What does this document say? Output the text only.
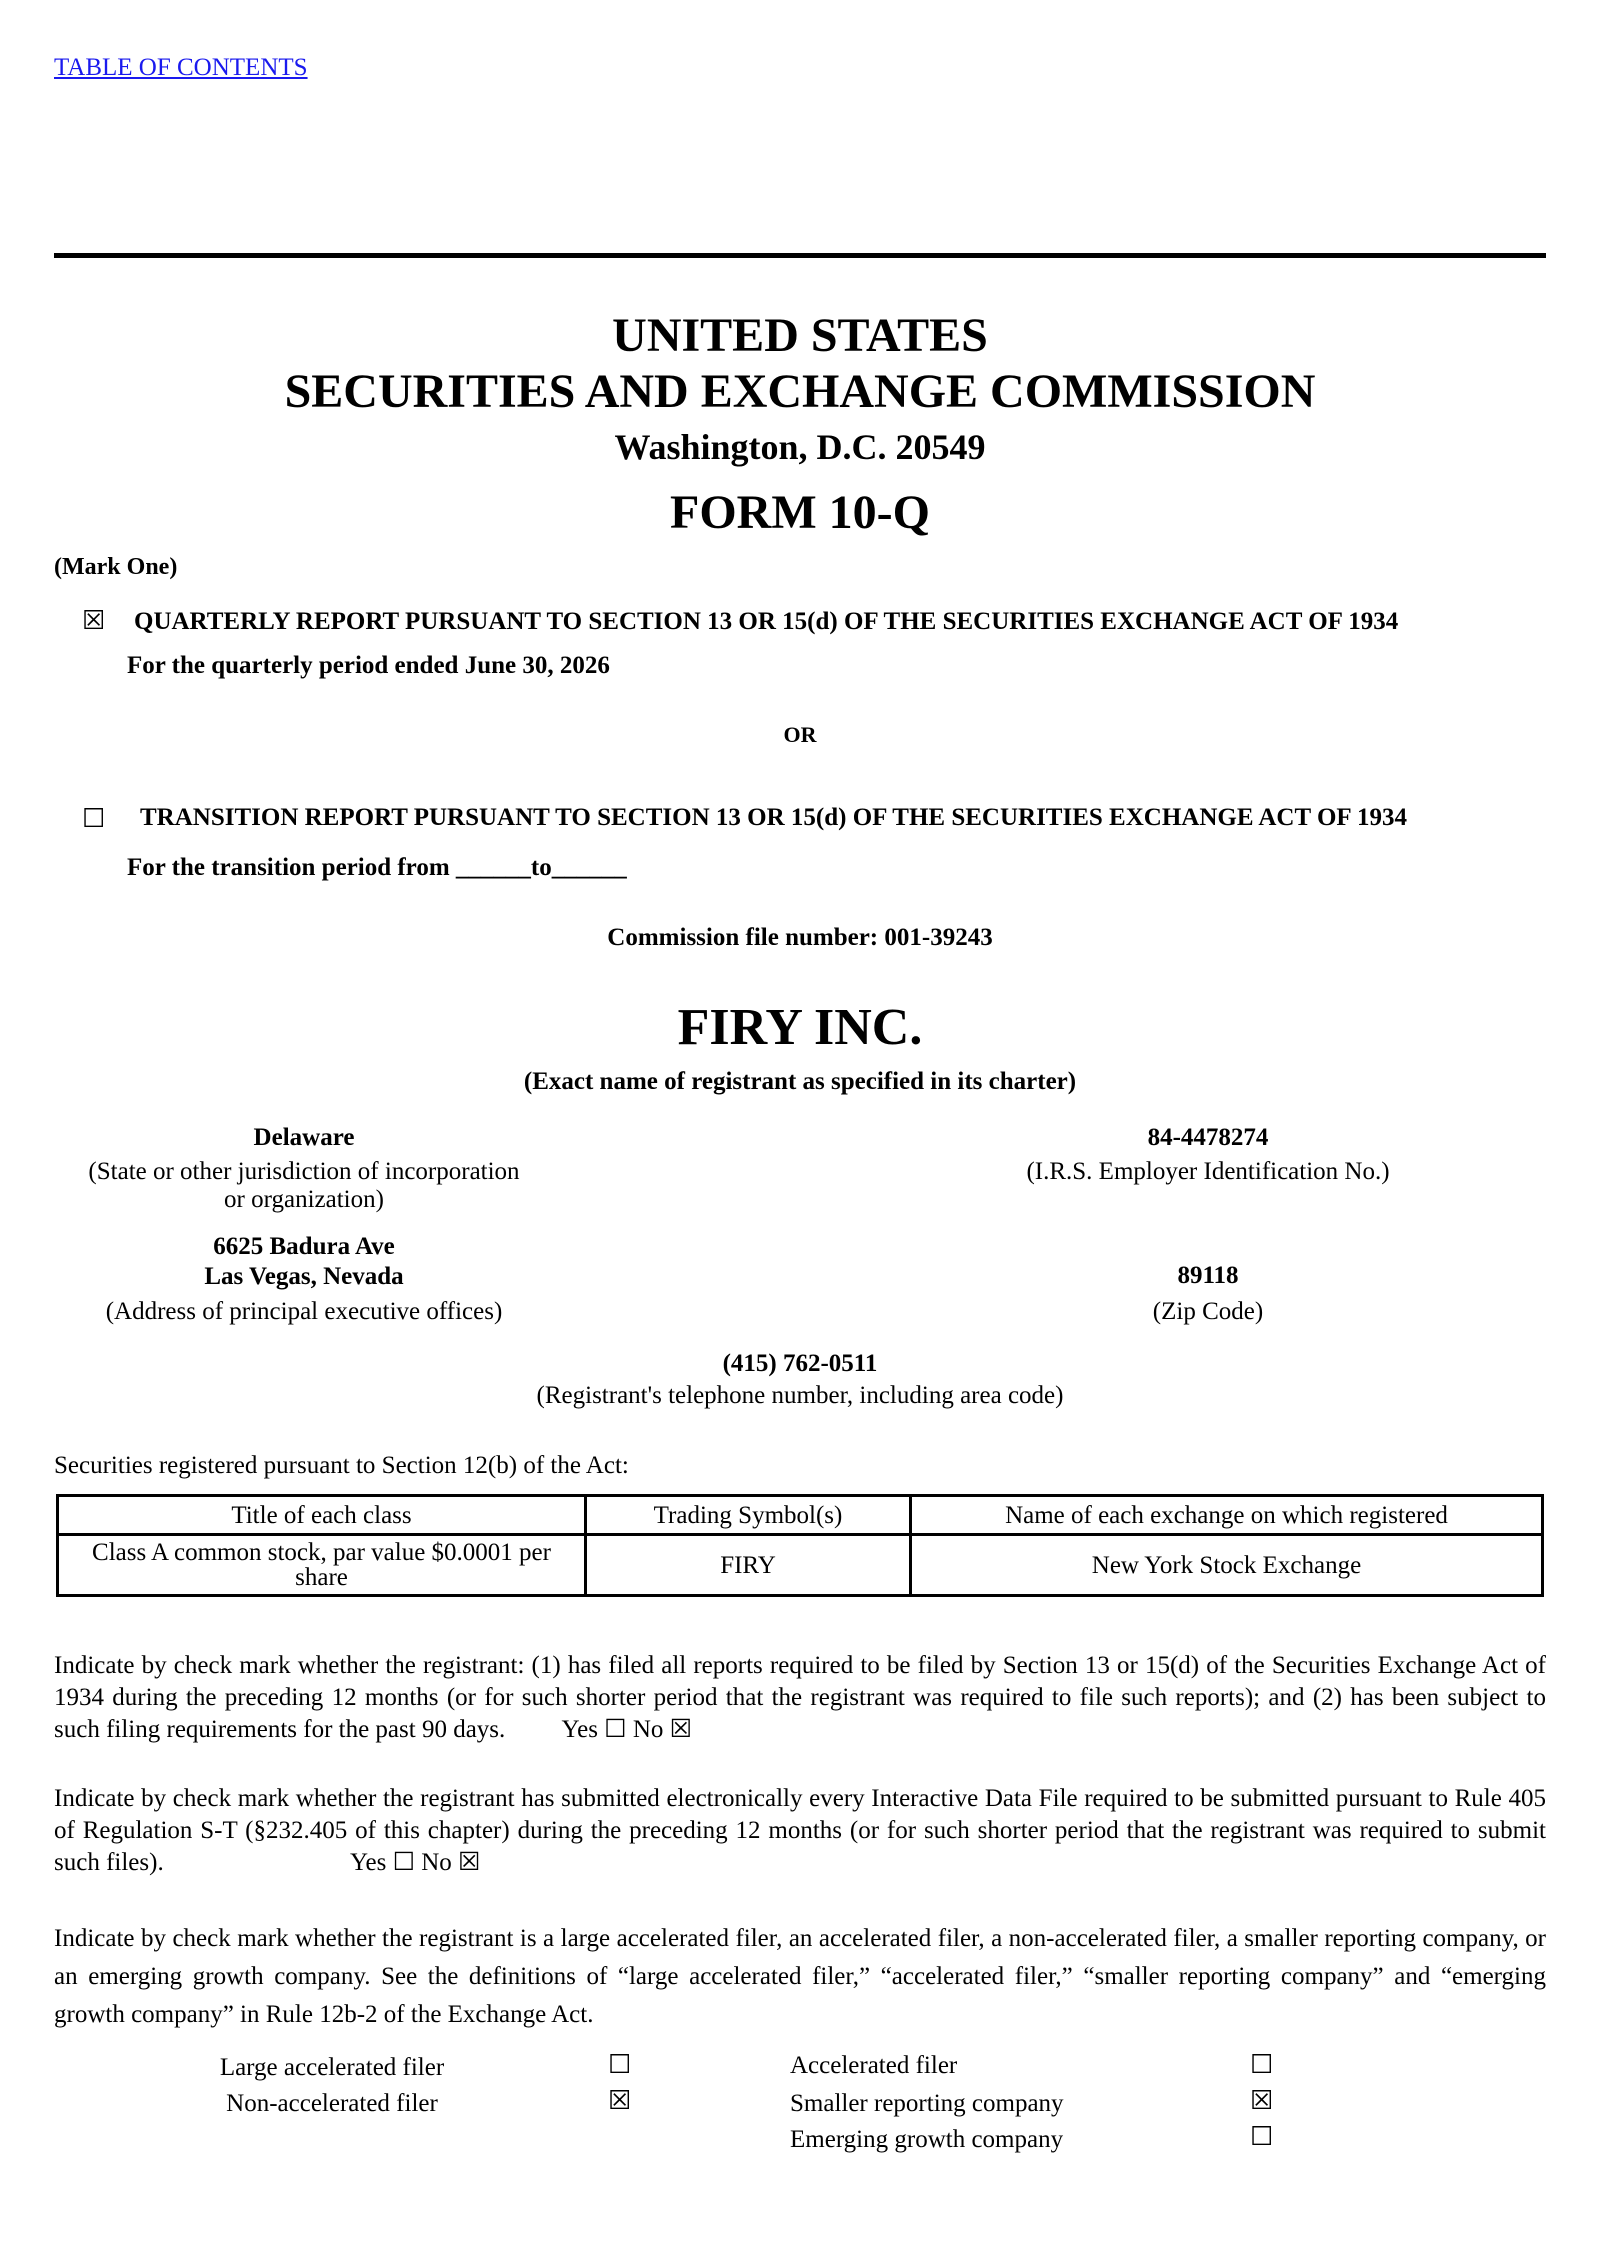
TABLE OF CONTENTS
UNITED STATES
SECURITIES AND EXCHANGE COMMISSION
Washington, D.C. 20549
FORM 10-Q
(Mark One)
☒ QUARTERLY REPORT PURSUANT TO SECTION 13 OR 15(d) OF THE SECURITIES EXCHANGE ACT OF 1934
For the quarterly period ended June 30, 2026
OR
☐ TRANSITION REPORT PURSUANT TO SECTION 13 OR 15(d) OF THE SECURITIES EXCHANGE ACT OF 1934
For the transition period from ______to______
Commission file number: 001-39243
FIRY INC.
(Exact name of registrant as specified in its charter)
Delaware
(State or other jurisdiction of incorporation
or organization)
6625 Badura Ave
Las Vegas, Nevada
(Address of principal executive offices)
84-4478274
(I.R.S. Employer Identification No.)
89118
(Zip Code)
(415) 762-0511
(Registrant's telephone number, including area code)
Securities registered pursuant to Section 12(b) of the Act:
Title of each class	Trading Symbol(s)	Name of each exchange on which registered
Class A common stock, par value $0.0001 per share	FIRY	New York Stock Exchange
Indicate by check mark whether the registrant: (1) has filed all reports required to be filed by Section 13 or 15(d) of the Securities Exchange Act of 1934 during the preceding 12 months (or for such shorter period that the registrant was required to file such reports); and (2) has been subject to such filing requirements for the past 90 days. Yes ☐ No ☒
Indicate by check mark whether the registrant has submitted electronically every Interactive Data File required to be submitted pursuant to Rule 405 of Regulation S-T (§232.405 of this chapter) during the preceding 12 months (or for such shorter period that the registrant was required to submit such files).	Yes ☐ No ☒
Indicate by check mark whether the registrant is a large accelerated filer, an accelerated filer, a non-accelerated filer, a smaller reporting company, or an emerging growth company. See the definitions of “large accelerated filer,” “accelerated filer,” “smaller reporting company” and “emerging growth company” in Rule 12b-2 of the Exchange Act.
Large accelerated filer	☐
Non-accelerated filer	☒
Accelerated filer	☐
Smaller reporting company	☒
Emerging growth company	☐
